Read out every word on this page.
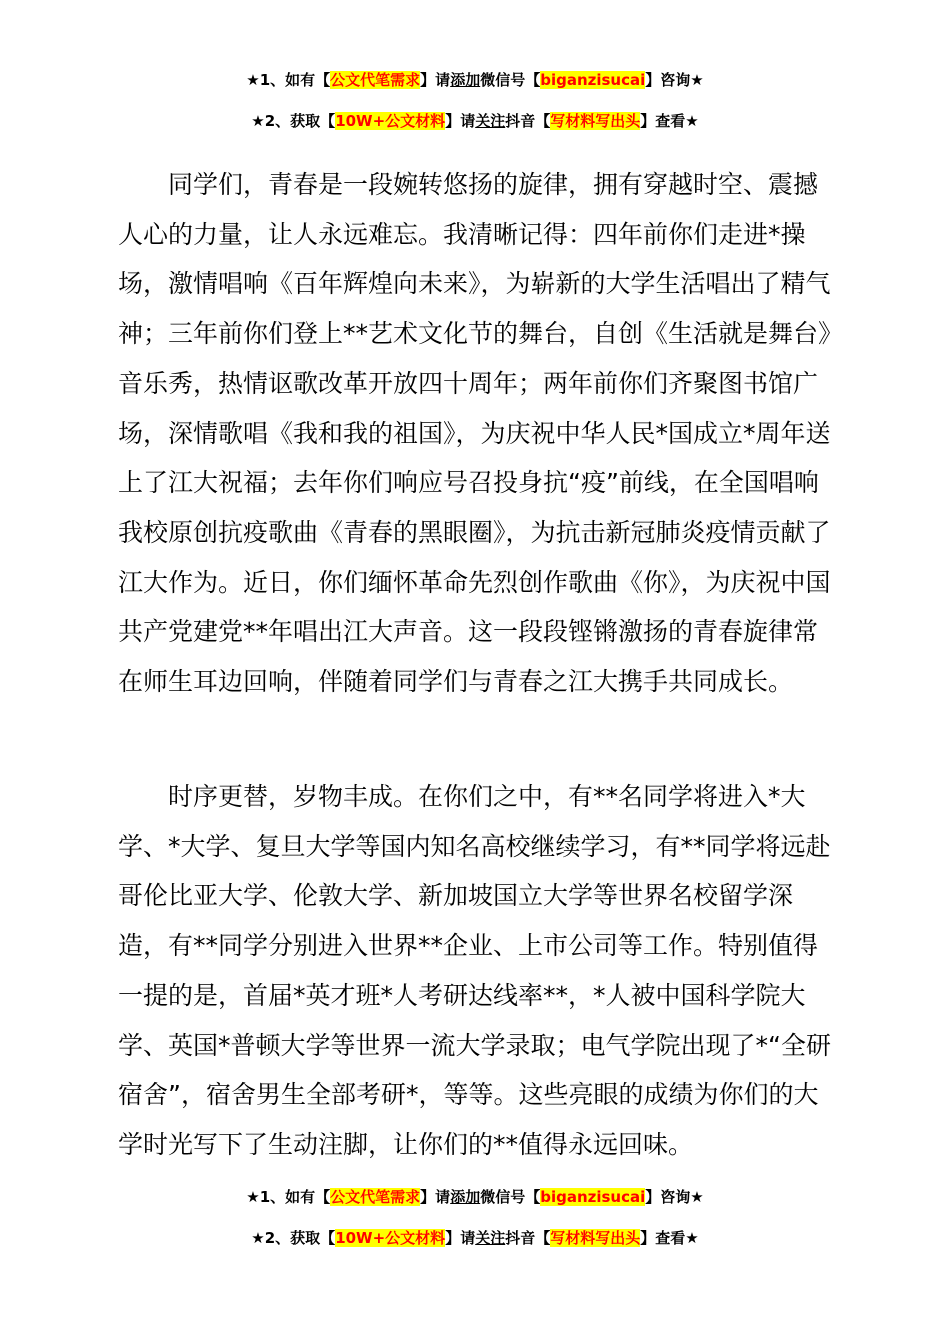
★1、如有【公文代笔需求】请添加微信号【biganzisucai】咨询★
★2、获取【10W+公文材料】请关注抖音【写材料写出头】查看★

同学们，青春是一段婉转悠扬的旋律，拥有穿越时空、震撼人心的力量，让人永远难忘。我清晰记得：四年前你们走进*操场，激情唱响《百年辉煌向未来》，为崭新的大学生活唱出了精气神；三年前你们登上**艺术文化节的舞台，自创《生活就是舞台》音乐秀，热情讴歌改革开放四十周年；两年前你们齐聚图书馆广场，深情歌唱《我和我的祖国》，为庆祝中华人民*国成立*周年送上了江大祝福；去年你们响应号召投身抗“疫”前线，在全国唱响我校原创抗疫歌曲《青春的黑眼圈》，为抗击新冠肺炎疫情贡献了江大作为。近日，你们缅怀革命先烈创作歌曲《你》，为庆祝中国共产党建党**年唱出江大声音。这一段段铿锵激扬的青春旋律常在师生耳边回响，伴随着同学们与青春之江大携手共同成长。

时序更替，岁物丰成。在你们之中，有**名同学将进入*大学、*大学、复旦大学等国内知名高校继续学习，有**同学将远赴哥伦比亚大学、伦敦大学、新加坡国立大学等世界名校留学深造，有**同学分别进入世界**企业、上市公司等工作。特别值得一提的是，首届*英才班*人考研达线率**，*人被中国科学院大学、英国*普顿大学等世界一流大学录取；电气学院出现了*“全研宿舍”，宿舍男生全部考研*，等等。这些亮眼的成绩为你们的大学时光写下了生动注脚，让你们的**值得永远回味。

★1、如有【公文代笔需求】请添加微信号【biganzisucai】咨询★
★2、获取【10W+公文材料】请关注抖音【写材料写出头】查看★
